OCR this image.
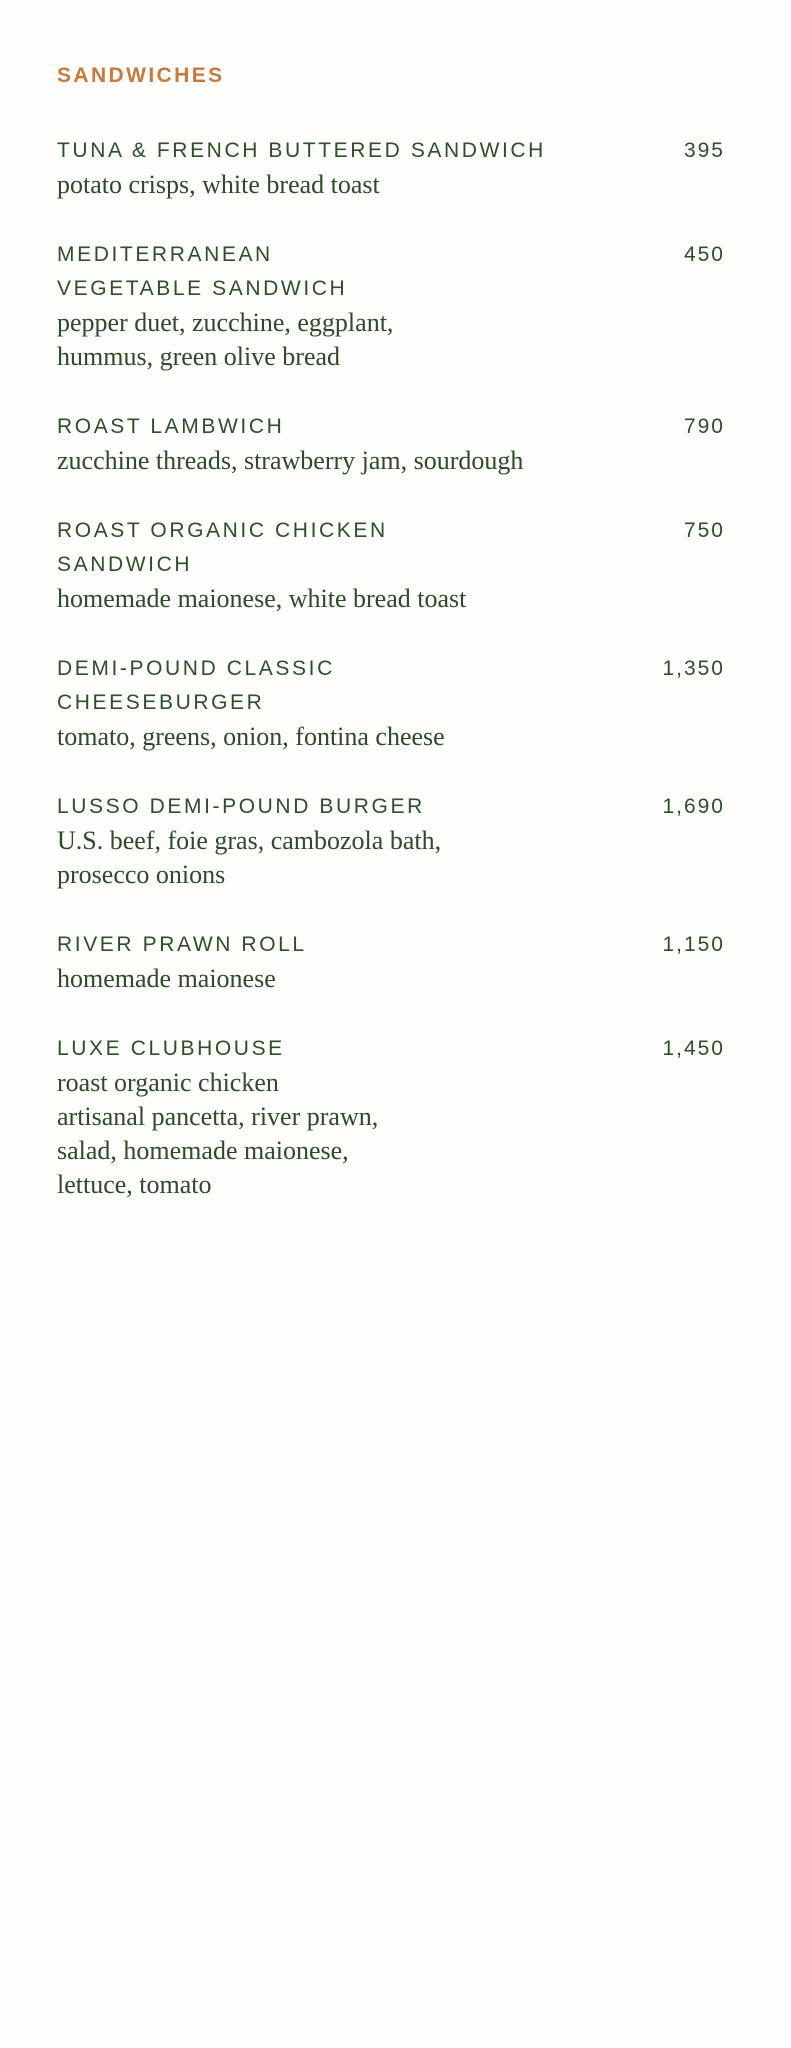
SANDWICHES
TUNA & FRENCH BUTTERED SANDWICH	395
potato crisps, white bread toast
MEDITERRANEAN
VEGETABLE SANDWICH
450
pepper duet, zucchine, eggplant,
hummus, green olive bread
ROAST LAMBWICH	790
zucchine threads, strawberry jam, sourdough
ROAST ORGANIC CHICKEN
SANDWICH
750
homemade maionese, white bread toast
DEMI-POUND CLASSIC
CHEESEBURGER
1,350
tomato, greens, onion, fontina cheese
LUSSO DEMI-POUND BURGER	1,690
U.S. beef, foie gras, cambozola bath,
prosecco onions
RIVER PRAWN ROLL	1,150
homemade maionese
LUXE CLUBHOUSE	1,450
roast organic chicken
artisanal pancetta, river prawn,
salad, homemade maionese,
lettuce, tomato
